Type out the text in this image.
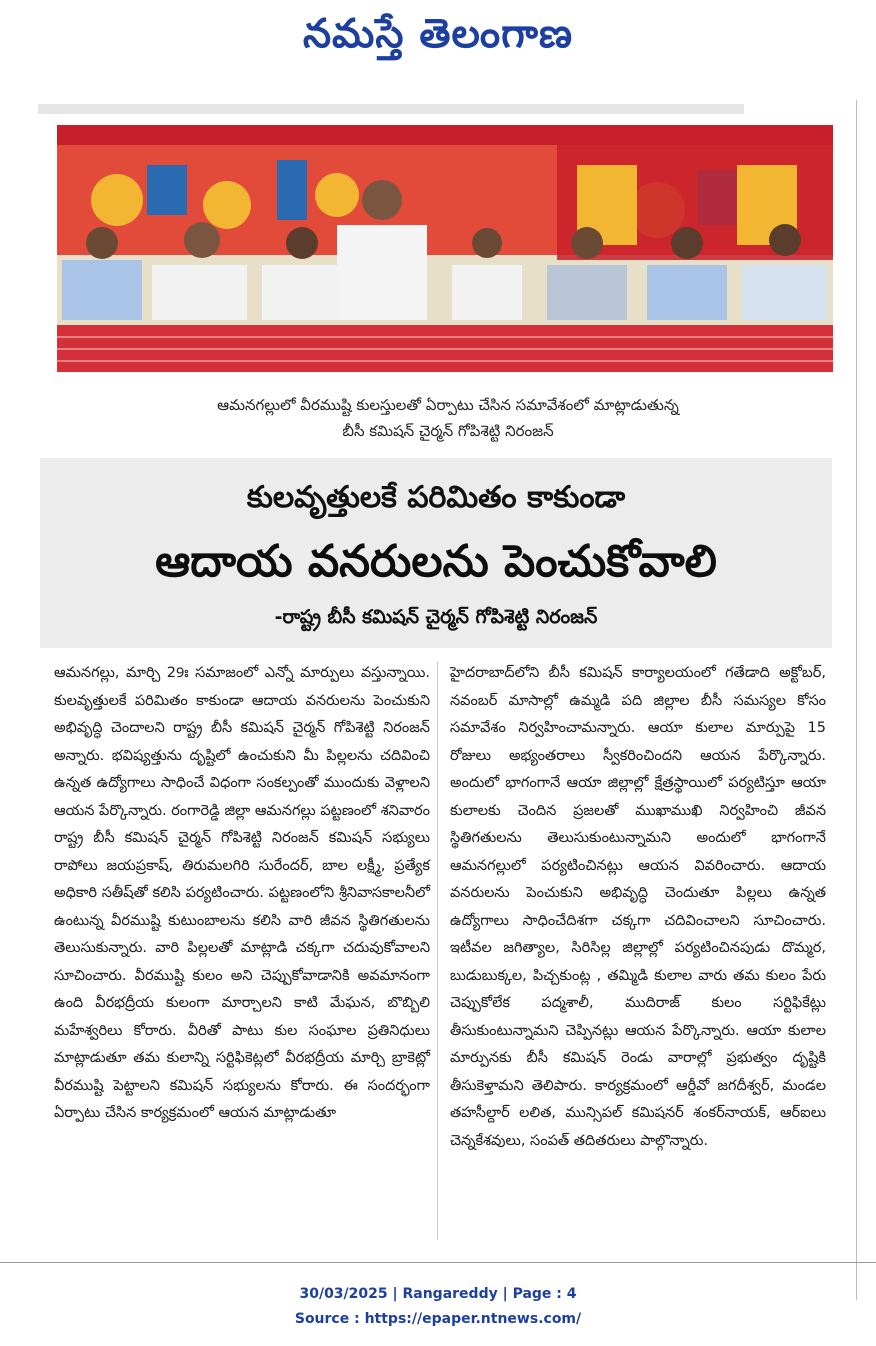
నమస్తే తెలంగాణ
ఆమనగల్లులో వీరముష్టి కులస్తులతో ఏర్పాటు చేసిన సమావేశంలో మాట్లాడుతున్న
బీసీ కమిషన్ చైర్మన్ గోపిశెట్టి నిరంజన్
కులవృత్తులకే పరిమితం కాకుండా
ఆదాయ వనరులను పెంచుకోవాలి
-రాష్ట్ర బీసీ కమిషన్ చైర్మన్ గోపిశెట్టి నిరంజన్
ఆమనగల్లు, మార్చి 29ః సమాజంలో ఎన్నో మార్పులు వస్తున్నాయి. కులవృత్తులకే పరిమితం కాకుండా ఆదాయ వనరులను పెంచుకుని అభివృద్ధి చెందాలని రాష్ట్ర బీసీ కమిషన్ చైర్మన్ గోపిశెట్టి నిరంజన్ అన్నారు. భవిష్యత్తును దృష్టిలో ఉంచుకుని మీ పిల్లలను చదివించి ఉన్నత ఉద్యోగాలు సాధించే విధంగా సంకల్పంతో ముందుకు వెళ్లాలని ఆయన పేర్కొన్నారు. రంగారెడ్డి జిల్లా ఆమనగల్లు పట్టణంలో శనివారం రాష్ట్ర బీసీ కమిషన్ చైర్మన్ గోపిశెట్టి నిరంజన్ కమిషన్ సభ్యులు రాపోలు జయప్రకాష్, తిరుమలగిరి సురేందర్, బాల లక్ష్మీ, ప్రత్యేక అధికారి సతీష్‌తో కలిసి పర్యటించారు. పట్టణంలోని శ్రీనివాసకాలనీలో ఉంటున్న వీరముష్టి కుటుంబాలను కలిసి వారి జీవన స్థితిగతులను తెలుసుకున్నారు. వారి పిల్లలతో మాట్లాడి చక్కగా చదువుకోవాలని సూచించారు. వీరముష్టి కులం అని చెప్పుకోవాడానికి అవమానంగా ఉంది వీరభద్రీయ కులంగా మార్చాలని కాటి మేఘన, బొబ్బిలి మహేశ్వరిలు కోరారు. వీరితో పాటు కుల సంఘాల ప్రతినిధులు మాట్లాడుతూ తమ కులాన్ని సర్టిఫికెట్లలో వీరభద్రీయ మార్చి బ్రాకెట్లో వీరముష్టి పెట్టాలని కమిషన్ సభ్యులను కోరారు. ఈ సందర్భంగా ఏర్పాటు చేసిన కార్యక్రమంలో ఆయన మాట్లాడుతూ
హైదరాబాద్‌లోని బీసీ కమిషన్ కార్యాలయంలో గతేడాది అక్టోబర్, నవంబర్ మాసాల్లో ఉమ్మడి పది జిల్లాల బీసీ సమస్యల కోసం సమావేశం నిర్వహించామన్నారు. ఆయా కులాల మార్పుపై 15 రోజులు అభ్యంతరాలు స్వీకరించిందని ఆయన పేర్కొన్నారు. అందులో భాగంగానే ఆయా జిల్లాల్లో క్షేత్రస్థాయిలో పర్యటిస్తూ ఆయా కులాలకు చెందిన ప్రజలతో ముఖాముఖి నిర్వహించి జీవన స్థితిగతులను తెలుసుకుంటున్నామని అందులో భాగంగానే ఆమనగల్లులో పర్యటించినట్లు ఆయన వివరించారు. ఆదాయ వనరులను పెంచుకుని అభివృద్ధి చెందుతూ పిల్లలు ఉన్నత ఉద్యోగాలు సాధించేదిశగా చక్కగా చదివించాలని సూచించారు. ఇటీవల జగిత్యాల, సిరిసిల్ల జిల్లాల్లో పర్యటించినపుడు దొమ్మర, బుడుబుక్కల, పిచ్చకుంట్ల , తమ్మిడి కులాల వారు తమ కులం పేరు చెప్పుకోలేక పద్మశాలీ, ముదిరాజ్ కులం సర్టిఫికేట్లు తీసుకుంటున్నామని చెప్పినట్లు ఆయన పేర్కొన్నారు. ఆయా కులాల మార్పునకు బీసీ కమిషన్ రెండు వారాల్లో ప్రభుత్వం దృష్టికి తీసుకెళ్తామని తెలిపారు. కార్యక్రమంలో ఆర్డీవో జగదీశ్వర్, మండల తహసీల్దార్ లలిత, మున్సిపల్ కమిషనర్ శంకర్‌నాయక్, ఆర్ఐలు చెన్నకేశవులు, సంపత్ తదితరులు పాల్గొన్నారు.
30/03/2025 | Rangareddy | Page : 4
Source : https://epaper.ntnews.com/
